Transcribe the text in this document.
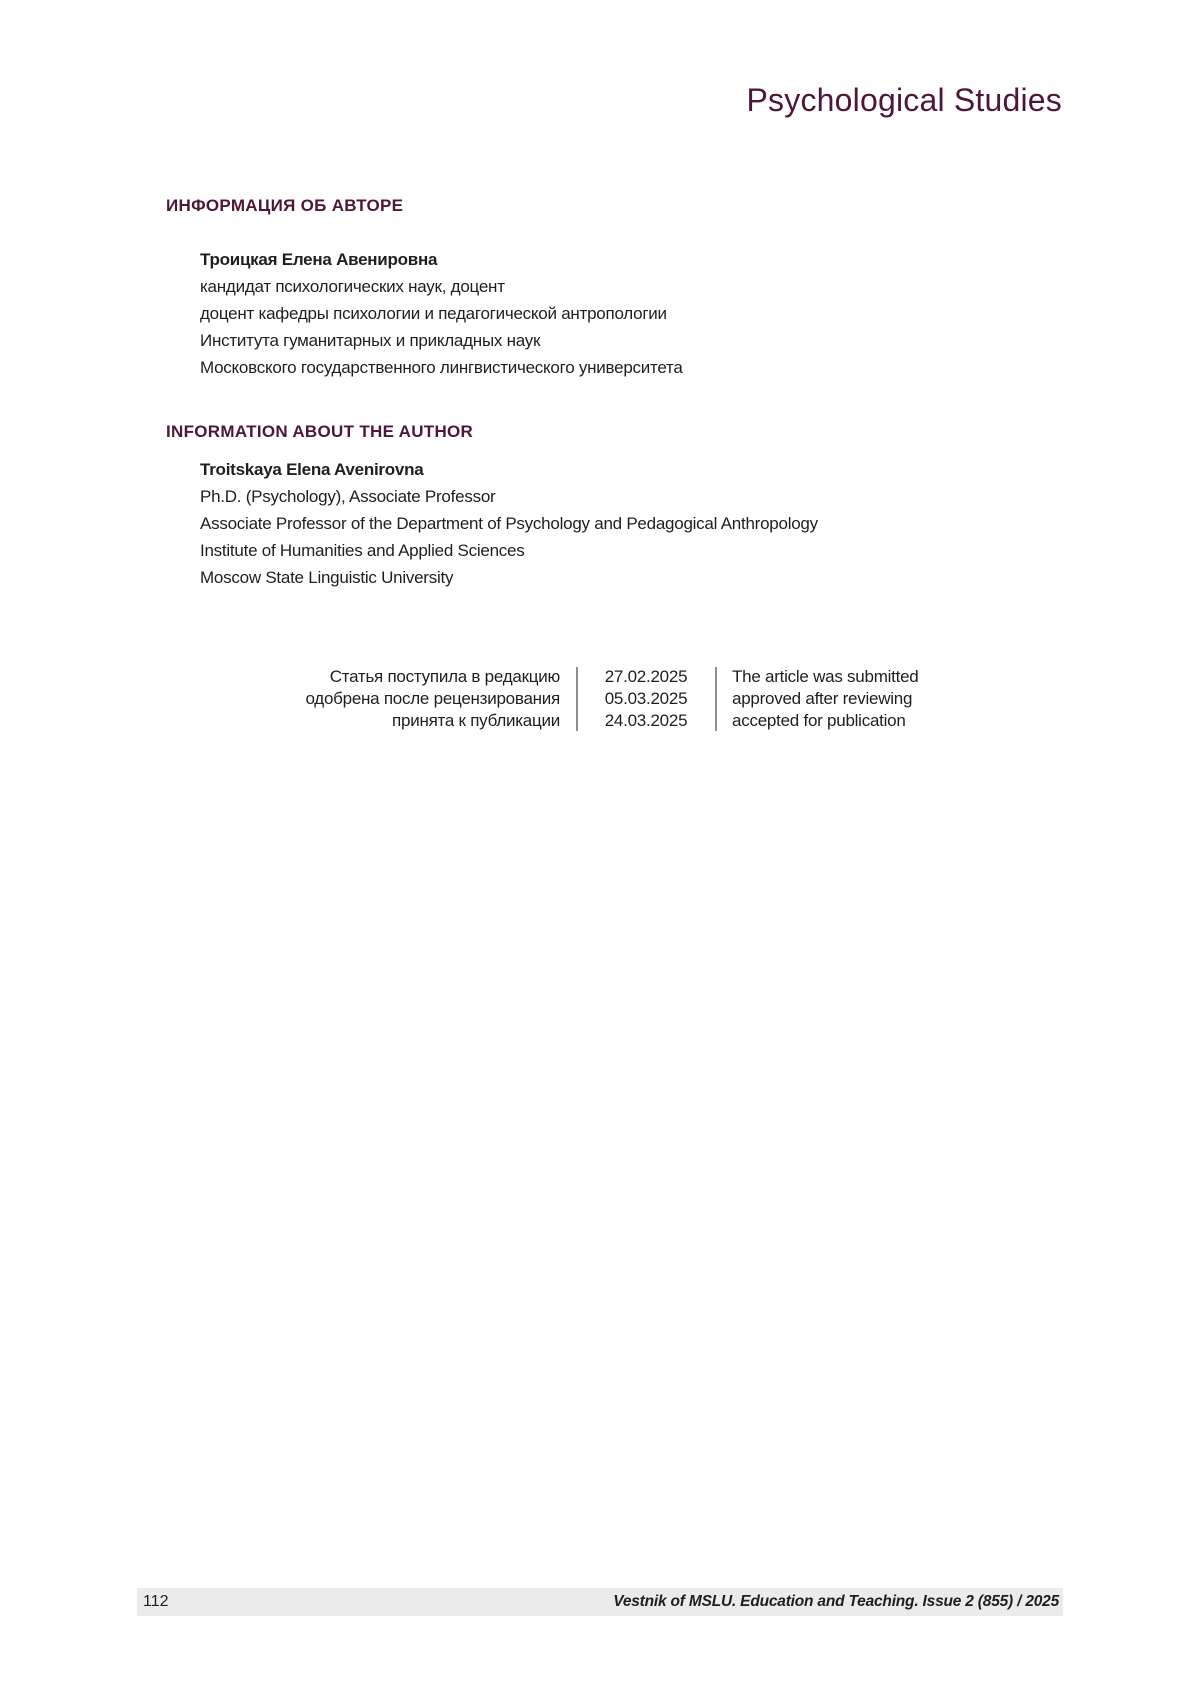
Psychological Studies
ИНФОРМАЦИЯ ОБ АВТОРЕ
Троицкая Елена Авенировна
кандидат психологических наук, доцент
доцент кафедры психологии и педагогической антропологии
Института гуманитарных и прикладных наук
Московского государственного лингвистического университета
INFORMATION ABOUT THE AUTHOR
Troitskaya Elena Avenirovna
Ph.D. (Psychology), Associate Professor
Associate Professor of the Department of Psychology and Pedagogical Anthropology
Institute of Humanities and Applied Sciences
Moscow State Linguistic University
Статья поступила в редакцию
одобрена после рецензирования
принята к публикации
27.02.2025
05.03.2025
24.03.2025
The article was submitted
approved after reviewing
accepted for publication
112	Vestnik of MSLU. Education and Teaching. Issue 2 (855) / 2025
